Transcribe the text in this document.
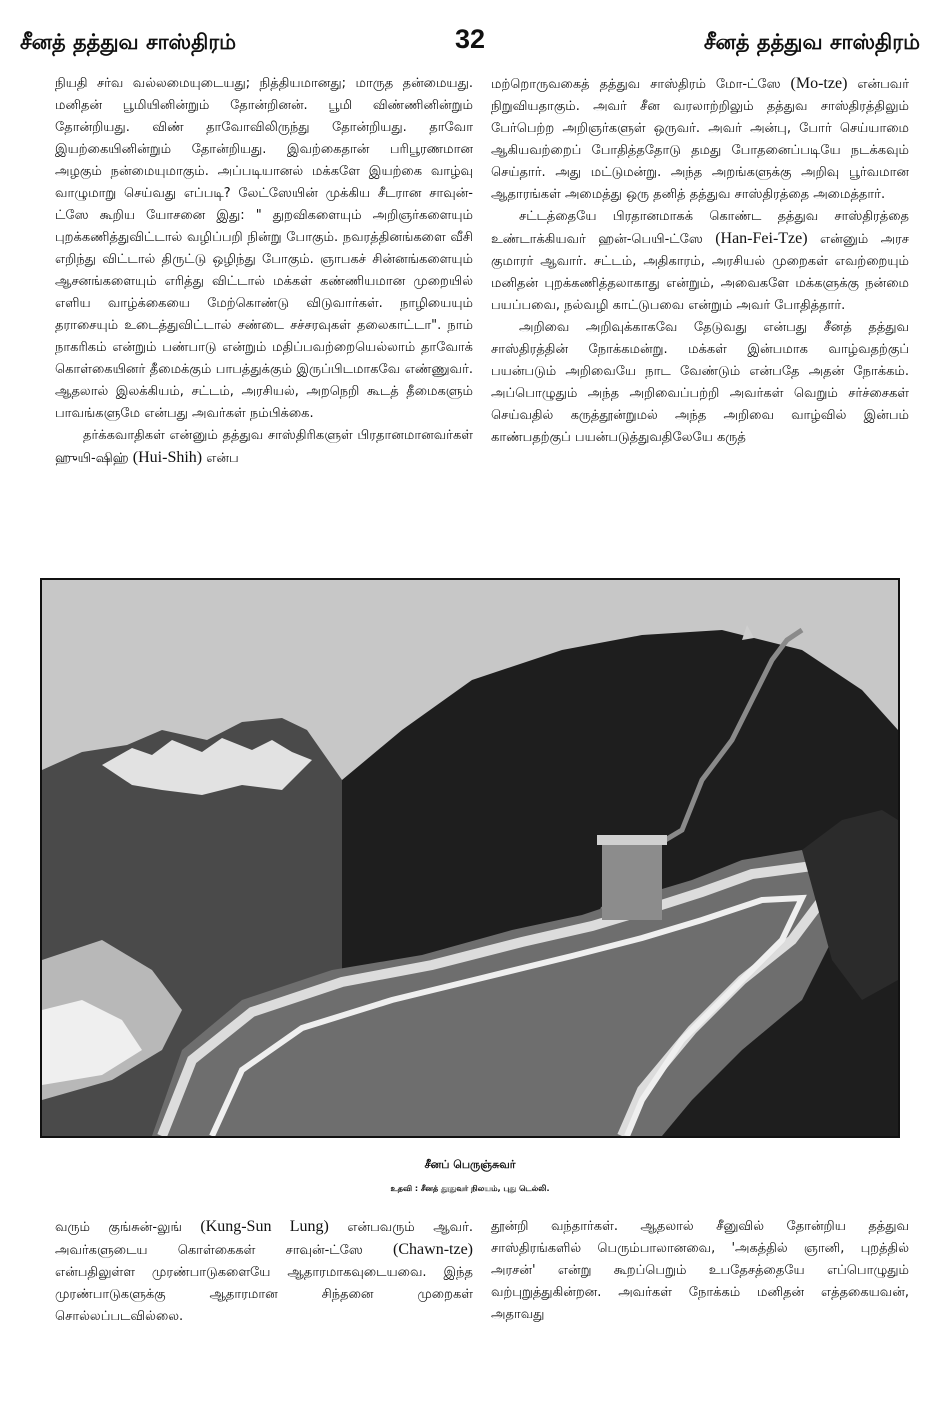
சீனத் தத்துவ சாஸ்திரம்	32	சீனத் தத்துவ சாஸ்திரம்

நியதி சர்வ வல்லமையுடையது; நித்தியமானது; மாருத தன்மையது. மனிதன் பூமியினின்றும் தோன்றினன். பூமி விண்ணினின்றும் தோன்றியது. விண் தாவோவிலிருந்து தோன்றியது. தாவோ இயற்கையினின்றும் தோன்றியது. இவற்கைதான் பரிபூரணமான அழகும் நன்மையுமாகும். அப்படியானல் மக்களே இயற்கை வாழ்வு வாழுமாறு செய்வது எப்படி? லேட்ஸேயின் முக்கிய சீடரான சாவுன்-ட்ஸே கூறிய யோசனை இது: " துறவிகளையும் அறிஞர்களையும் புறக்கணித்துவிட்டால் வழிப்பறி நின்று போகும். நவரத்தினங்களை வீசி எறிந்து விட்டால் திருட்டு ஒழிந்து போகும். ஞாபகச் சின்னங்களையும் ஆசனங்களையும் எரித்து விட்டால் மக்கள் கண்ணியமான முறையில் எளிய வாழ்க்கையை மேற்கொண்டு விடுவார்கள். நாழியையும் தராசையும் உடைத்துவிட்டால் சண்டை சச்சரவுகள் தலைகாட்டா". நாம் நாகரிகம் என்றும் பண்பாடு என்றும் மதிப்பவற்றையெல்லாம் தாவோக் கொள்கையினர் தீமைக்கும் பாபத்துக்கும் இருப்பிடமாகவே எண்ணுவர். ஆதலால் இலக்கியம், சட்டம், அரசியல், அறநெறி கூடத் தீமைகளும் பாவங்களுமே என்பது அவர்கள் நம்பிக்கை.

தர்க்கவாதிகள் என்னும் தத்துவ சாஸ்திரிகளுள் பிரதானமானவர்கள் ஹுயி-ஷிஹ் (Hui-Shih) என்ப

மற்றொருவகைத் தத்துவ சாஸ்திரம் மோ-ட்ஸே (Mo-tze) என்பவர் நிறுவியதாகும். அவர் சீன வரலாற்றிலும் தத்துவ சாஸ்திரத்திலும் பேர்பெற்ற அறிஞர்களுள் ஒருவர். அவர் அன்பு, போர் செய்யாமை ஆகியவற்றைப் போதித்ததோடு தமது போதனைப்படியே நடக்கவும் செய்தார். அது மட்டுமன்று. அந்த அறங்களுக்கு அறிவு பூர்வமான ஆதாரங்கள் அமைத்து ஒரு தனித் தத்துவ சாஸ்திரத்தை அமைத்தார்.

சட்டத்தையே பிரதானமாகக் கொண்ட தத்துவ சாஸ்திரத்தை உண்டாக்கியவர் ஹன்-பெயி-ட்ஸே (Han-Fei-Tze) என்னும் அரச குமாரர் ஆவார். சட்டம், அதிகாரம், அரசியல் முறைகள் எவற்றையும் மனிதன் புறக்கணித்தலாகாது என்றும், அவைகளே மக்களுக்கு நன்மை பயப்பவை, நல்வழி காட்டுபவை என்றும் அவர் போதித்தார்.

அறிவை அறிவுக்காகவே தேடுவது என்பது சீனத் தத்துவ சாஸ்திரத்தின் நோக்கமன்று. மக்கள் இன்பமாக வாழ்வதற்குப் பயன்படும் அறிவையே நாட வேண்டும் என்பதே அதன் நோக்கம். அப்பொழுதும் அந்த அறிவைப்பற்றி அவர்கள் வெறும் சர்ச்சைகள் செய்வதில் கருத்தூன்றுமல் அந்த அறிவை வாழ்வில் இன்பம் காண்பதற்குப் பயன்படுத்துவதிலேயே கருத்

சீனப் பெருஞ்சுவர்
உதவி : சீனத் தூதுவர் நிலயம், புது டெல்லி.

வரும் குங்சுன்-லுங் (Kung-Sun Lung) என்பவரும் ஆவர். அவர்களுடைய கொள்கைகள் சாவுன்-ட்ஸே (Chawn-tze) என்பதிலுள்ள முரண்பாடுகளையே ஆதாரமாகவுடையவை. இந்த முரண்பாடுகளுக்கு ஆதாரமான சிந்தனை முறைகள் சொல்லப்படவில்லை.

தூன்றி வந்தார்கள். ஆதலால் சீனுவில் தோன்றிய தத்துவ சாஸ்திரங்களில் பெரும்பாலானவை, 'அகத்தில் ஞானி, புறத்தில் அரசன்' என்று கூறப்பெறும் உபதேசத்தையே எப்பொழுதும் வற்புறுத்துகின்றன. அவர்கள் நோக்கம் மனிதன் எத்தகையவன், அதாவது
